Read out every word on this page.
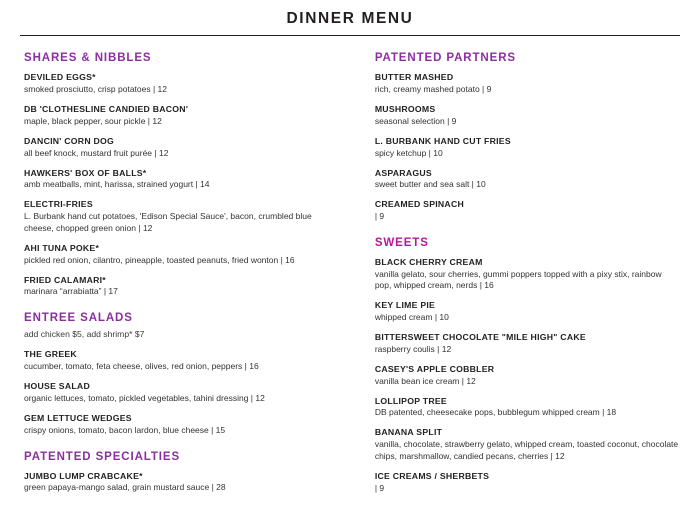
DINNER MENU
SHARES & NIBBLES
DEVILED EGGS*
smoked prosciutto, crisp potatoes | 12
DB 'CLOTHESLINE CANDIED BACON'
maple, black pepper, sour pickle | 12
DANCIN' CORN DOG
all beef knock, mustard fruit purée | 12
HAWKERS' BOX OF BALLS*
amb meatballs, mint, harissa, strained yogurt | 14
ELECTRI-FRIES
L. Burbank hand cut potatoes, 'Edison Special Sauce', bacon, crumbled blue cheese, chopped green onion | 12
AHI TUNA POKE*
pickled red onion, cilantro, pineapple, toasted peanuts, fried wonton | 16
FRIED CALAMARI*
marinara “arrabiatta” | 17
ENTREE SALADS
add chicken $5, add shrimp* $7
THE GREEK
cucumber, tomato, feta cheese, olives, red onion, peppers | 16
HOUSE SALAD
organic lettuces, tomato, pickled vegetables, tahini dressing | 12
GEM LETTUCE WEDGES
crispy onions, tomato, bacon lardon, blue cheese | 15
PATENTED SPECIALTIES
JUMBO LUMP CRABCAKE*
green papaya-mango salad, grain mustard sauce | 28
PATENTED PARTNERS
BUTTER MASHED
rich, creamy mashed potato | 9
MUSHROOMS
seasonal selection | 9
L. BURBANK HAND CUT FRIES
spicy ketchup | 10
ASPARAGUS
sweet butter and sea salt | 10
CREAMED SPINACH
| 9
SWEETS
BLACK CHERRY CREAM
vanilla gelato, sour cherries, gummi poppers topped with a pixy stix, rainbow pop, whipped cream, nerds | 16
KEY LIME PIE
whipped cream | 10
BITTERSWEET CHOCOLATE "MILE HIGH" CAKE
raspberry coulis | 12
CASEY'S APPLE COBBLER
vanilla bean ice cream | 12
LOLLIPOP TREE
DB patented, cheesecake pops, bubblegum whipped cream | 18
BANANA SPLIT
vanilla, chocolate, strawberry gelato, whipped cream, toasted coconut, chocolate chips, marshmallow, candied pecans, cherries | 12
ICE CREAMS / SHERBETS
| 9
